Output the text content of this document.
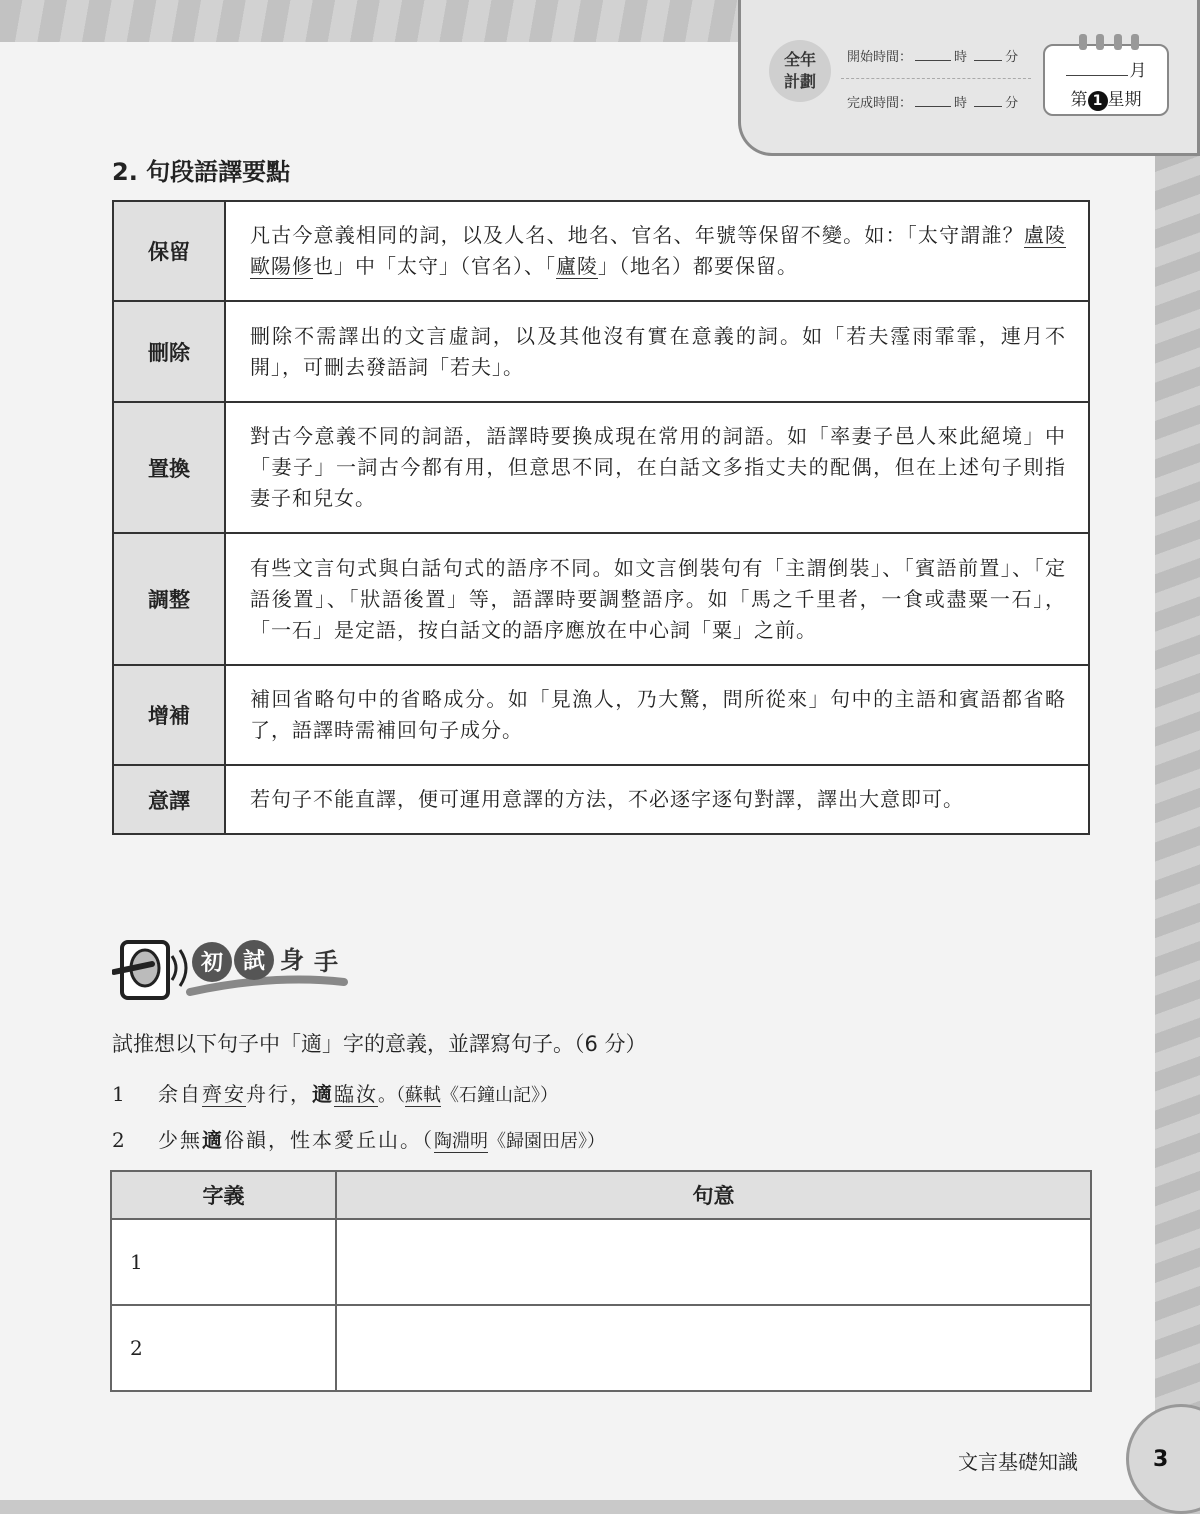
全年
計劃
開始時間：	時	分
完成時間：	時	分
月
第 1 星期
2. 句段語譯要點
保留	凡古今意義相同的詞，以及人名、地名、官名、年號等保留不變。如：「太守謂誰？盧陵歐陽修也」中「太守」（官名）、「廬陵」（地名）都要保留。
刪除	刪除不需譯出的文言虛詞，以及其他沒有實在意義的詞。如「若夫霪雨霏霏，連月不開」，可刪去發語詞「若夫」。
置換	對古今意義不同的詞語，語譯時要換成現在常用的詞語。如「率妻子邑人來此絕境」中「妻子」一詞古今都有用，但意思不同，在白話文多指丈夫的配偶，但在上述句子則指妻子和兒女。
調整	有些文言句式與白話句式的語序不同。如文言倒裝句有「主謂倒裝」、「賓語前置」、「定語後置」、「狀語後置」等，語譯時要調整語序。如「馬之千里者，一食或盡粟一石」，「一石」是定語，按白話文的語序應放在中心詞「粟」之前。
增補	補回省略句中的省略成分。如「見漁人，乃大驚，問所從來」句中的主語和賓語都省略了，語譯時需補回句子成分。
意譯	若句子不能直譯，便可運用意譯的方法，不必逐字逐句對譯，譯出大意即可。
初 試 身 手
試推想以下句子中「適」字的意義，並譯寫句子。（6 分）
1 余自齊安舟行，適臨汝。（蘇軾《石鐘山記》）
2 少無適俗韻，性本愛丘山。（陶淵明《歸園田居》）
字義	句意
1	
2	
文言基礎知識	3
